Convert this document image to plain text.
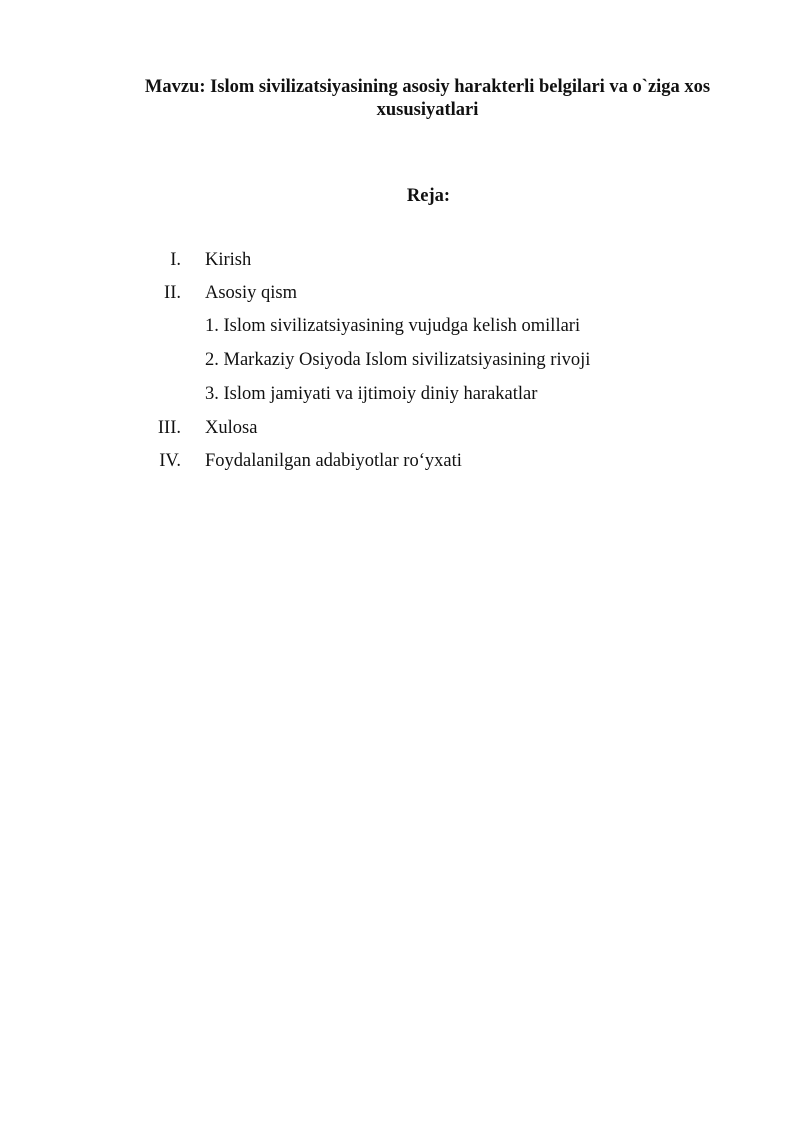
Mavzu: Islom sivilizatsiyasining asosiy harakterli belgilari va o`ziga xos xususiyatlari
Reja:
I. Kirish
II. Asosiy qism
1. Islom sivilizatsiyasining vujudga kelish omillari
2. Markaziy Osiyoda Islom sivilizatsiyasining rivoji
3. Islom jamiyati va ijtimoiy diniy harakatlar
III. Xulosa
IV. Foydalanilgan adabiyotlar ro‘yxati
